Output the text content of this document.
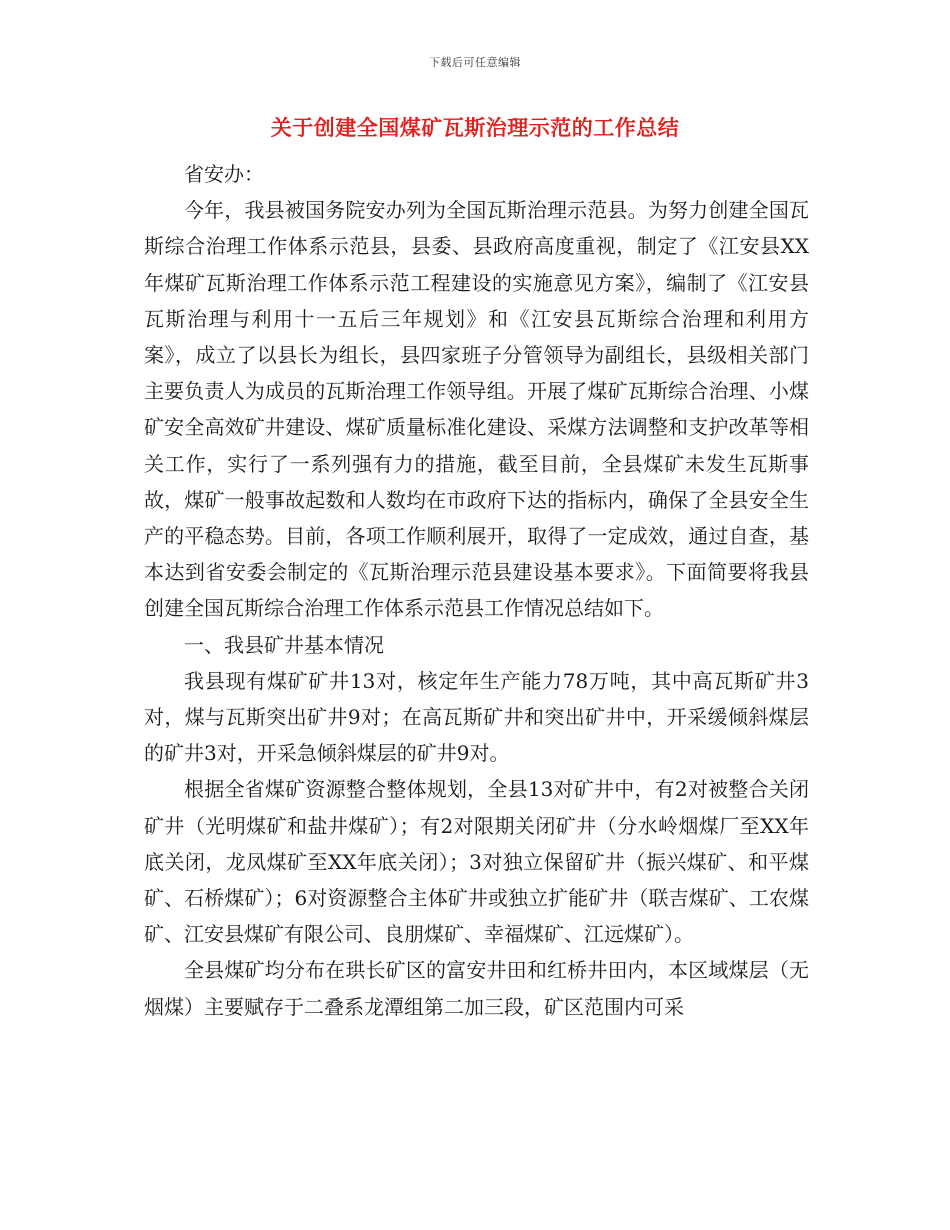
下载后可任意编辑
关于创建全国煤矿瓦斯治理示范的工作总结

省安办：

今年，我县被国务院安办列为全国瓦斯治理示范县。为努力创建全国瓦斯综合治理工作体系示范县，县委、县政府高度重视，制定了《江安县XX年煤矿瓦斯治理工作体系示范工程建设的实施意见方案》，编制了《江安县瓦斯治理与利用十一五后三年规划》和《江安县瓦斯综合治理和利用方案》，成立了以县长为组长，县四家班子分管领导为副组长，县级相关部门主要负责人为成员的瓦斯治理工作领导组。开展了煤矿瓦斯综合治理、小煤矿安全高效矿井建设、煤矿质量标准化建设、采煤方法调整和支护改革等相关工作，实行了一系列强有力的措施，截至目前，全县煤矿未发生瓦斯事故，煤矿一般事故起数和人数均在市政府下达的指标内，确保了全县安全生产的平稳态势。目前，各项工作顺利展开，取得了一定成效，通过自查，基本达到省安委会制定的《瓦斯治理示范县建设基本要求》。下面简要将我县创建全国瓦斯综合治理工作体系示范县工作情况总结如下。

一、我县矿井基本情况

我县现有煤矿矿井13对，核定年生产能力78万吨，其中高瓦斯矿井3对，煤与瓦斯突出矿井9对；在高瓦斯矿井和突出矿井中，开采缓倾斜煤层的矿井3对，开采急倾斜煤层的矿井9对。

根据全省煤矿资源整合整体规划，全县13对矿井中，有2对被整合关闭矿井（光明煤矿和盐井煤矿）；有2对限期关闭矿井（分水岭烟煤厂至XX年底关闭，龙凤煤矿至XX年底关闭）；3对独立保留矿井（振兴煤矿、和平煤矿、石桥煤矿）；6对资源整合主体矿井或独立扩能矿井（联吉煤矿、工农煤矿、江安县煤矿有限公司、良朋煤矿、幸福煤矿、江远煤矿）。

全县煤矿均分布在珙长矿区的富安井田和红桥井田内，本区域煤层（无烟煤）主要赋存于二叠系龙潭组第二加三段，矿区范围内可采
